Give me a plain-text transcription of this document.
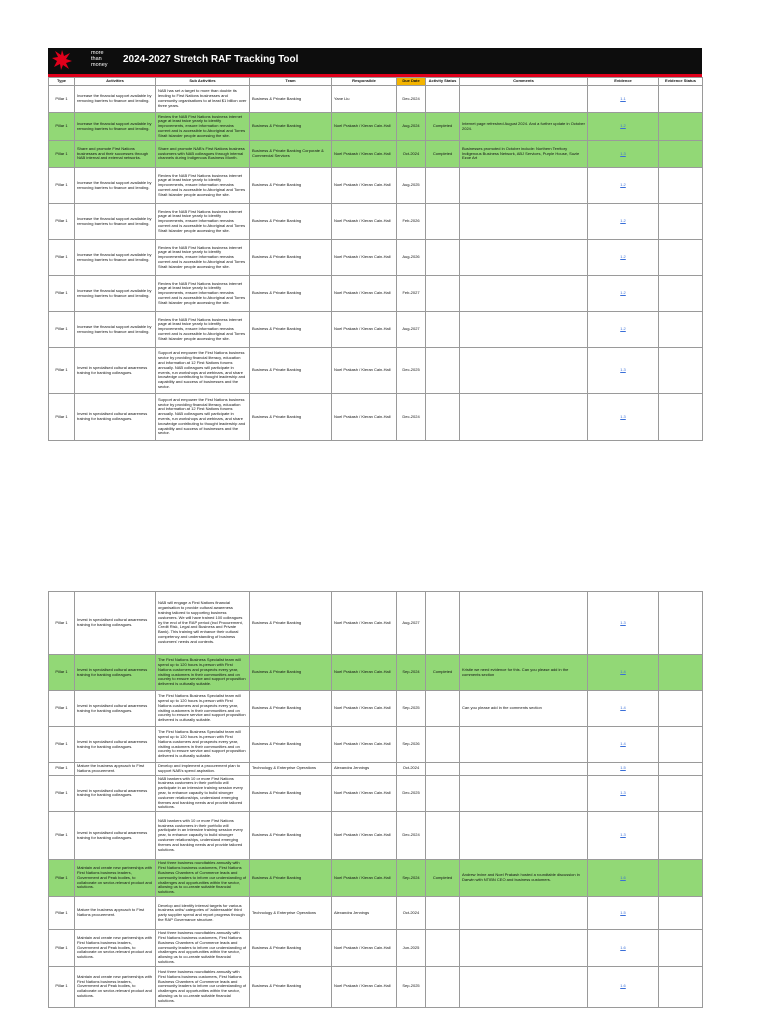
more
than
money 2024-2027 Stretch RAF Tracking Tool
Type	Activities	Sub Activities	Team	Responsible	Due Date	Activity Status	Comments	Evidence	Evidence Status
Pillar 1	Increase the financial support available by removing barriers to finance and lending.	NAB has set a target to more than double its lending to First Nations businesses and community organisations to at least $1 billion over three years.	Business & Private Banking	Yane Liu	Dec-2024			1.1	
Pillar 1	Increase the financial support available by removing barriers to finance and lending.	Review the NAB First Nations business internet page at least twice yearly to identify improvements, ensure information remains current and is accessible to Aboriginal and Torres Strait Islander people accessing the site.	Business & Private Banking	Noel Prakash / Kieran Cain-Hall	Aug-2024	Completed	Internet page refreshed August 2024. And a further update in October 2024.	1.2	
Pillar 1	Share and promote First Nations businesses and their successes through NAB internal and external networks.	Share and promote NAB's First Nations business customers with NAB colleagues through internal channels during Indigenous Business Month.	Business & Private Banking Corporate & Commercial Services	Noel Prakash / Kieran Cain-Hall	Oct-2024	Completed	Businesses promoted in October include: Northern Territory Indigenous Business Network, ABJ Services, Purple House, Suzie Ezoe Art	1.3	
Pillar 1	Increase the financial support available by removing barriers to finance and lending.	Review the NAB First Nations business internet page at least twice yearly to identify improvements, ensure information remains current and is accessible to Aboriginal and Torres Strait Islander people accessing the site.	Business & Private Banking	Noel Prakash / Kieran Cain-Hall	Aug-2025			1.2	
Pillar 1	Increase the financial support available by removing barriers to finance and lending.	Review the NAB First Nations business internet page at least twice yearly to identify improvements, ensure information remains current and is accessible to Aboriginal and Torres Strait Islander people accessing the site.	Business & Private Banking	Noel Prakash / Kieran Cain-Hall	Feb-2026			1.2	
Pillar 1	Increase the financial support available by removing barriers to finance and lending.	Review the NAB First Nations business internet page at least twice yearly to identify improvements, ensure information remains current and is accessible to Aboriginal and Torres Strait Islander people accessing the site.	Business & Private Banking	Noel Prakash / Kieran Cain-Hall	Aug-2026			1.2	
Pillar 1	Increase the financial support available by removing barriers to finance and lending.	Review the NAB First Nations business internet page at least twice yearly to identify improvements, ensure information remains current and is accessible to Aboriginal and Torres Strait Islander people accessing the site.	Business & Private Banking	Noel Prakash / Kieran Cain-Hall	Feb-2027			1.2	
Pillar 1	Increase the financial support available by removing barriers to finance and lending.	Review the NAB First Nations business internet page at least twice yearly to identify improvements, ensure information remains current and is accessible to Aboriginal and Torres Strait Islander people accessing the site.	Business & Private Banking	Noel Prakash / Kieran Cain-Hall	Aug-2027			1.2	
Pillar 1	Invest in specialised cultural awareness training for banking colleagues.	Support and empower the First Nations business sector by providing financial literacy, education and information at 12 First Nations forums annually. NAB colleagues will participate in events, run workshops and webinars, and share knowledge contributing to thought leadership and capability and success of businesses and the sector.	Business & Private Banking	Noel Prakash / Kieran Cain-Hall	Dec-2025			1.3	
Pillar 1	Invest in specialised cultural awareness training for banking colleagues.	Support and empower the First Nations business sector by providing financial literacy, education and information at 12 First Nations forums annually. NAB colleagues will participate in events, run workshops and webinars, and share knowledge contributing to thought leadership and capability and success of businesses and the sector.	Business & Private Banking	Noel Prakash / Kieran Cain-Hall	Dec-2024			1.3	
Pillar 1	Invest in specialised cultural awareness training for banking colleagues.	NAB will engage a First Nations financial organisation to provide cultural awareness training tailored to supporting business customers. We will have trained 100 colleagues by the end of the RAP period (incl Procurement, Credit Risk, Legal and Business and Private Bank). This training will enhance their cultural competency and understanding of business customers' needs and contexts.	Business & Private Banking	Noel Prakash / Kieran Cain-Hall	Aug-2027			1.3	
Pillar 1	Invest in specialised cultural awareness training for banking colleagues.	The First Nations Business Specialist team will spend up to 120 hours in-person with First Nations customers and prospects every year, visiting customers in their communities and on country to ensure service and support proposition delivered is culturally suitable.	Business & Private Banking	Noel Prakash / Kieran Cain-Hall	Sep-2024	Completed	Kristie we need evidence for this. Can you please add in the comments section	1.4	
Pillar 1	Invest in specialised cultural awareness training for banking colleagues.	The First Nations Business Specialist team will spend up to 120 hours in-person with First Nations customers and prospects every year, visiting customers in their communities and on country to ensure service and support proposition delivered is culturally suitable.	Business & Private Banking	Noel Prakash / Kieran Cain-Hall	Sep-2025		Can you please add in the comments section	1.4	
Pillar 1	Invest in specialised cultural awareness training for banking colleagues.	The First Nations Business Specialist team will spend up to 120 hours in-person with First Nations customers and prospects every year, visiting customers in their communities and on country to ensure service and support proposition delivered is culturally suitable.	Business & Private Banking	Noel Prakash / Kieran Cain-Hall	Sep-2026			1.4	
Pillar 1	Mature the business approach to First Nations procurement.	Develop and implement a procurement plan to support NAB's spend aspiration.	Technology & Enterprise Operations	Alexandra Jennings	Oct-2024			1.5	
Pillar 1	Invest in specialised cultural awareness training for banking colleagues.	NAB bankers with 10 or more First Nations business customers in their portfolio will participate in an intensive training session every year, to enhance capacity to build stronger customer relationships, understand emerging themes and banking needs and provide tailored solutions.	Business & Private Banking	Noel Prakash / Kieran Cain-Hall	Dec-2025			1.3	
Pillar 1	Invest in specialised cultural awareness training for banking colleagues.	NAB bankers with 10 or more First Nations business customers in their portfolio will participate in an intensive training session every year, to enhance capacity to build stronger customer relationships, understand emerging themes and banking needs and provide tailored solutions.	Business & Private Banking	Noel Prakash / Kieran Cain-Hall	Dec-2024			1.3	
Pillar 1	Maintain and create new partnerships with First Nations business leaders, Government and Peak bodies, to collaborate on sector-relevant product and solutions.	Host three business roundtables annually with First Nations business customers, First Nations Business Chambers of Commerce leads and community leaders to inform our understanding of challenges and opportunities within the sector, allowing us to co-create suitable financial solutions.	Business & Private Banking	Noel Prakash / Kieran Cain-Hall	Sep-2024	Completed	Andrew Irvine and Noel Prakash hosted a roundtable discussion in Darwin with NTIBN CEO and business customers.	1.6	
Pillar 1	Mature the business approach to First Nations procurement.	Develop and identify internal targets for various business units/ categories of 'addressable' third party supplier spend and report progress through the RAP Governance structure.	Technology & Enterprise Operations	Alexandra Jennings	Oct-2024			1.5	
Pillar 1	Maintain and create new partnerships with First Nations business leaders, Government and Peak bodies, to collaborate on sector-relevant product and solutions.	Host three business roundtables annually with First Nations business customers, First Nations Business Chambers of Commerce leads and community leaders to inform our understanding of challenges and opportunities within the sector, allowing us to co-create suitable financial solutions.	Business & Private Banking	Noel Prakash / Kieran Cain-Hall	Jun-2025			1.6	
Pillar 1	Maintain and create new partnerships with First Nations business leaders, Government and Peak bodies, to collaborate on sector-relevant product and solutions.	Host three business roundtables annually with First Nations business customers, First Nations Business Chambers of Commerce leads and community leaders to inform our understanding of challenges and opportunities within the sector, allowing us to co-create suitable financial solutions.	Business & Private Banking	Noel Prakash / Kieran Cain-Hall	Sep-2025			1.6	
